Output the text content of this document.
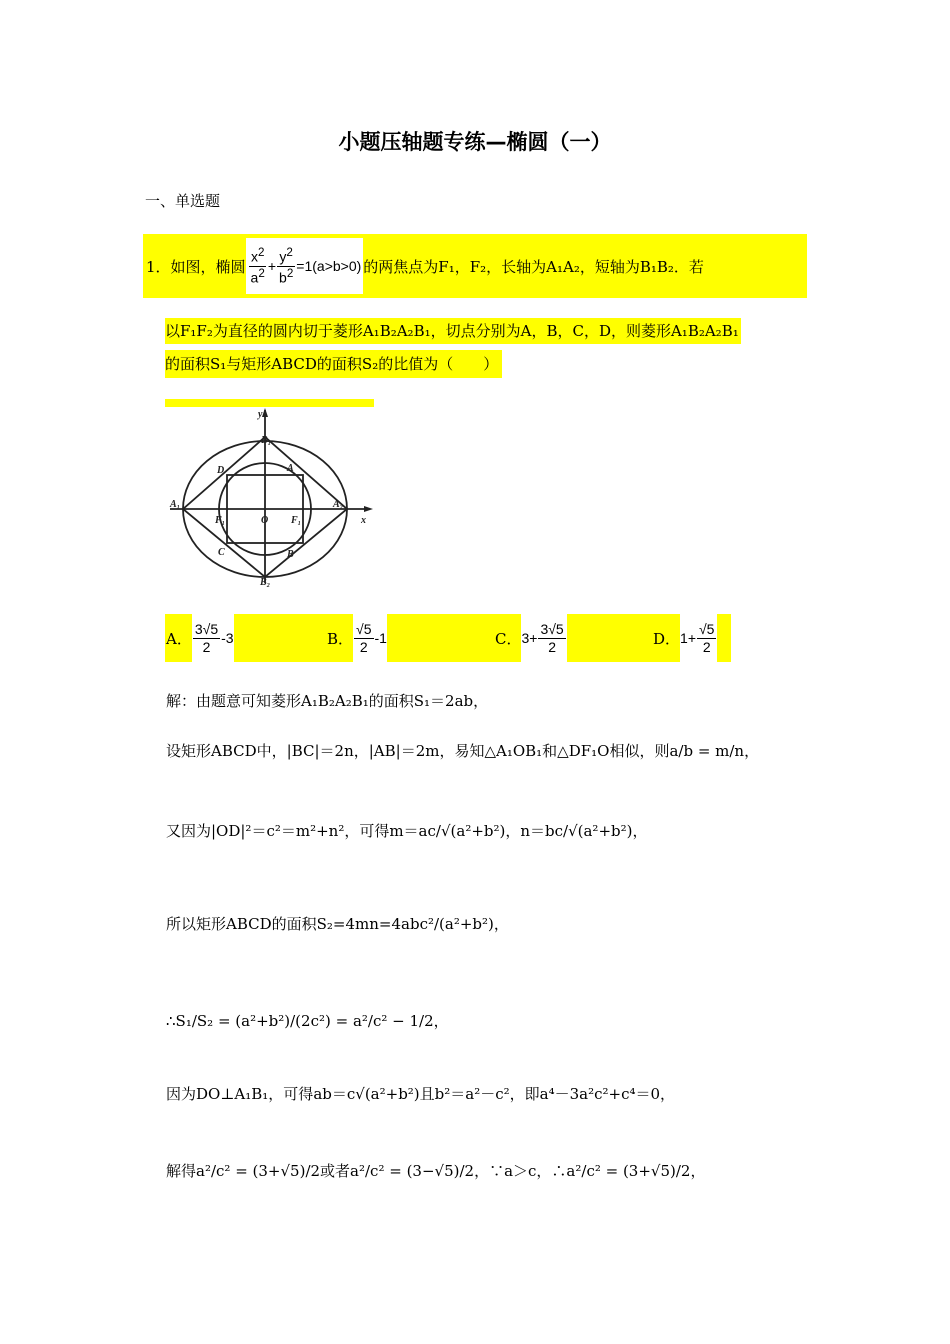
小题压轴题专练—椭圆（一）
一、单选题
1．如图，椭圆
$x^2$
$a^2$ +
$y^2$
$b^2 =1(a>b>0)$ 的两焦点为F₁，F₂，长轴为A₁A₂，短轴为B₁B₂．若
以F₁F₂为直径的圆内切于菱形A₁B₂A₂B₁，切点分别为A，B，C，D，则菱形A₁B₂A₂B₁
的面积S₁与矩形ABCD的面积S₂的比值为（　　）
y
x
B₁
B₂
A₁	A₂
D	A
C	B
F₁	F₁
O
A．
3√5
2
-3	B．
√5
2
-1	C． 3+
3√5
2	D． 1+
√5
2
解：由题意可知菱形A₁B₂A₂B₁的面积S₁＝2ab，
设矩形ABCD中，|BC|＝2n，|AB|＝2m，易知△A₁OB₁和△DF₁O相似，则a/b = m/n，
又因为|OD|²＝c²＝m²+n²，可得m＝ac/√(a²+b²)，n＝bc/√(a²+b²)，
所以矩形ABCD的面积S₂=4mn=4abc²/(a²+b²)，
∴S₁/S₂ = (a²+b²)/(2c²) = a²/c² − 1/2，
因为DO⊥A₁B₁，可得ab＝c√(a²+b²)且b²＝a²－c²，即a⁴－3a²c²+c⁴＝0，
解得a²/c² = (3+√5)/2或者a²/c² = (3−√5)/2，∵a＞c，∴a²/c² = (3+√5)/2，
